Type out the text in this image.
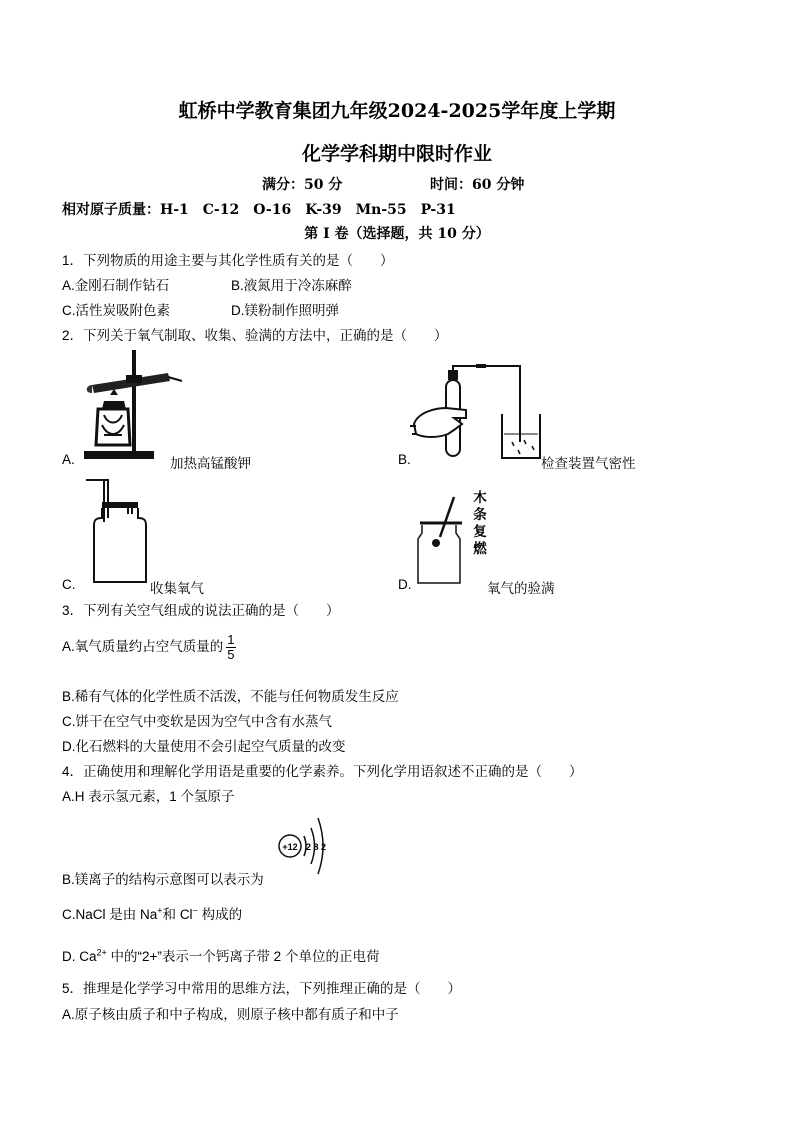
虹桥中学教育集团九年级2024-2025学年度上学期
化学学科期中限时作业
满分：50 分	时间：60 分钟
相对原子质量：H-1　C-12　O-16　K-39　Mn-55　P-31
第 I 卷（选择题，共 10 分）
1．下列物质的用途主要与其化学性质有关的是（　　）
A.金刚石制作钻石	B.液氮用于冷冻麻醉
C.活性炭吸附色素	D.镁粉制作照明弹
2．下列关于氧气制取、收集、验满的方法中，正确的是（　　）
A.	加热高锰酸钾	B.	检查装置气密性
C.	收集氧气
木
条
复
燃
D.	氧气的验满
3．下列有关空气组成的说法正确的是（　　）
A.氧气质量约占空气质量的 $\frac{1}{5}$
B.稀有气体的化学性质不活泼，不能与任何物质发生反应
C.饼干在空气中变软是因为空气中含有水蒸气
D.化石燃料的大量使用不会引起空气质量的改变
4．正确使用和理解化学用语是重要的化学素养。下列化学用语叙述不正确的是（　　）
A.H 表示氢元素，1 个氢原子
+12 2 8 2
B.镁离子的结构示意图可以表示为
C.NaCl 是由 Na+和 Cl− 构成的
D. $Ca^{2+}$ 中的“2+”表示一个钙离子带 2 个单位的正电荷
5．推理是化学学习中常用的思维方法，下列推理正确的是（　　）
A.原子核由质子和中子构成，则原子核中都有质子和中子
